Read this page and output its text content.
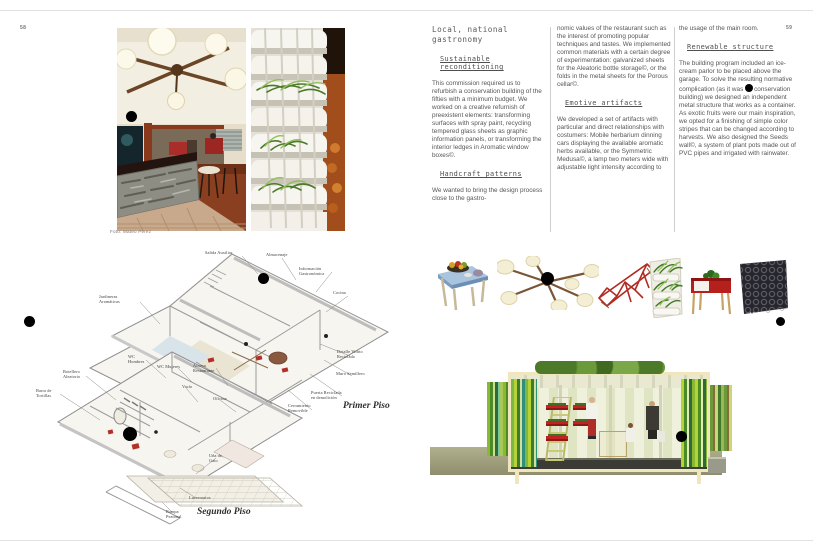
58	59
Foto: Mateo Pérez
Local, national gastronomy
Sustainable reconditioning

This commission required us to refurbish a conservation building of the fifties with a minimum budget. We worked on a creative refurnish of preexistent elements: transforming surfaces with spray paint, recycling tempered glass sheets as graphic information panels, or transforming the interior ledges in Aromatic window boxes©.

Handcraft patterns

We wanted to bring the design process close to the gastro-

nomic values of the restaurant such as the interest of promoting popular techniques and tastes. We implemented common materials with a certain degree of experimentation: galvanized sheets for the Aleatoric bottle storage©, or the folds in the metal sheets for the Porous cellar©.

Emotive artifacts

We developed a set of artifacts with particular and direct relationships with costumers: Mobile herbarium dinning cars displaying the available aromatic herbs available, or the Symmetric Medusa©, a lamp two meters wide with adjustable light intensity according to

the usage of the main room.

Renewable structure

The building program included an ice-cream parlor to be placed above the garage. To solve the resulting normative complication (as it was conservation building) we designed an independent metal structure that works as a container. As exotic fruits were our main inspiration, we opted for a finishing of simple color stripes that can be changed according to harvests. We also designed the Seeds wall©, a system of plant pots made out of PVC pipes and irrigated with rainwater.

Salida Auxiliar	Almacenaje
Información Gastronómica
Jardineras Aromáticas
Cocina
Detalle Vidrio Reciclado
Muro Semillero
Puerta Reciclada en demolición
Cerramiento Removible	Primer Piso
WC Hombres
WC Mujeres	Acceso Restaurante
Vacío
Oficina
Botellero Aleatorio
Barra de Tortillas
Uña de Gato
Lucernarios
Rampa Peatonal Segundo Piso
